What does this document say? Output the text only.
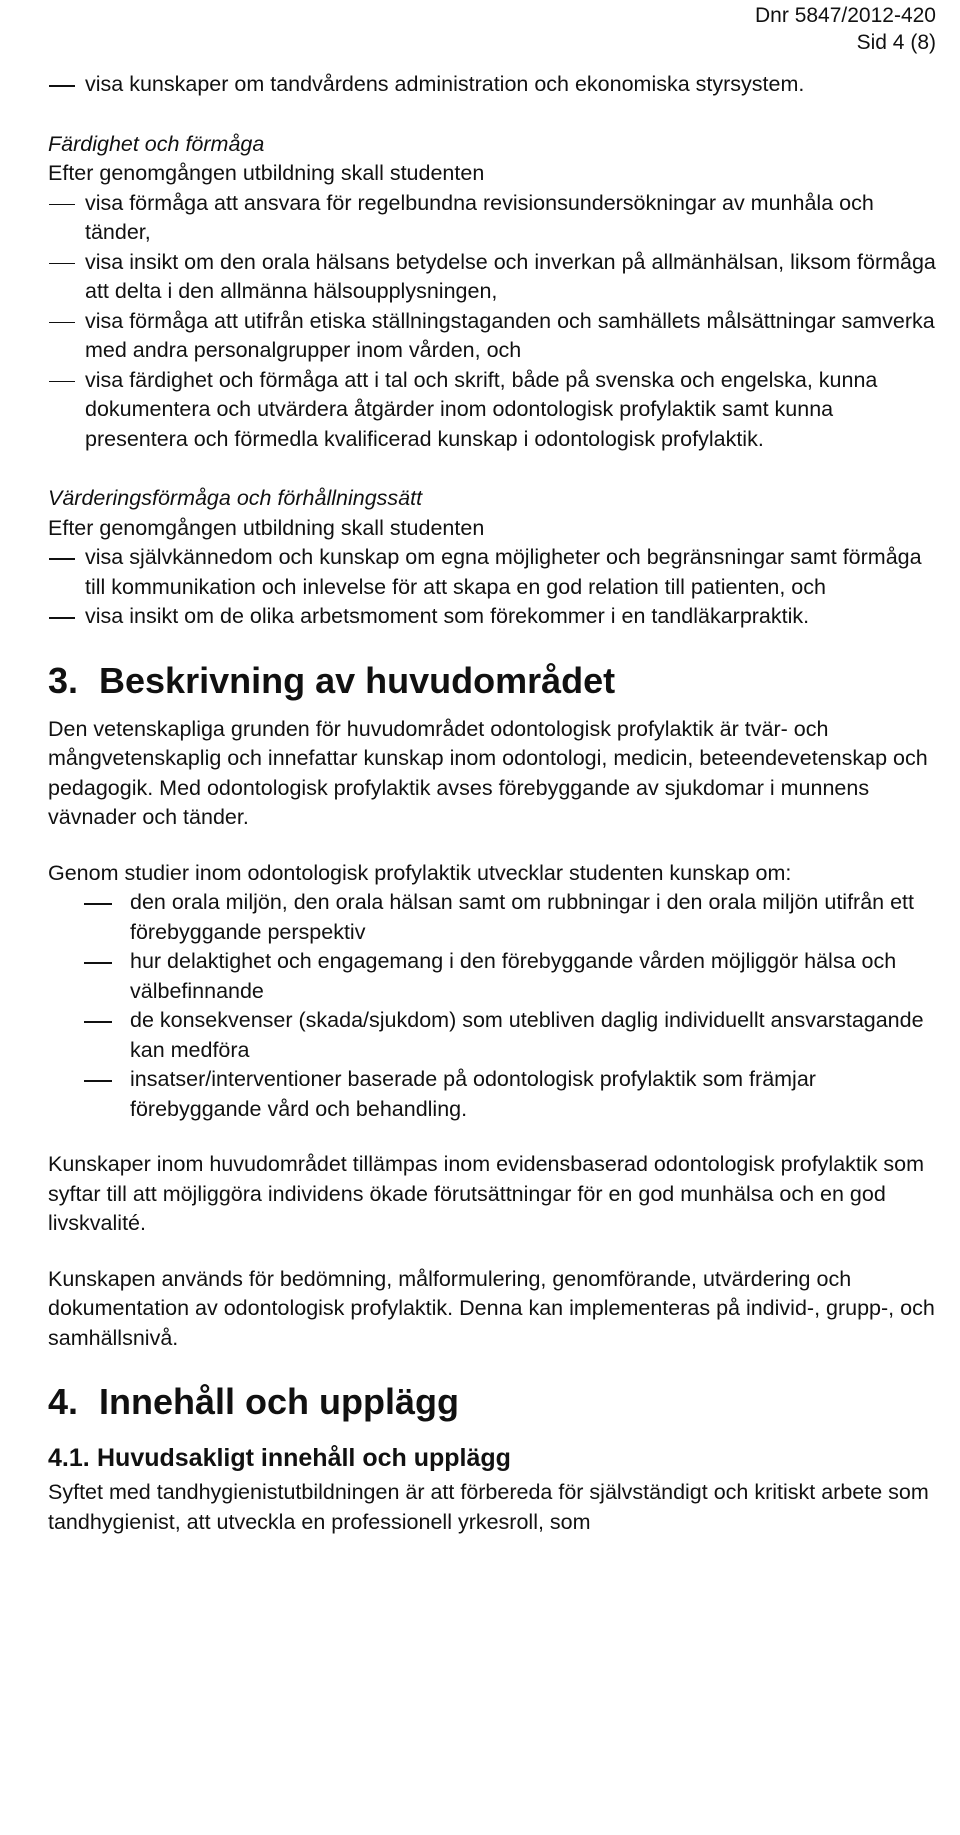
Dnr 5847/2012-420
Sid 4 (8)
visa kunskaper om tandvårdens administration och ekonomiska styrsystem.
Färdighet och förmåga
Efter genomgången utbildning skall studenten
visa förmåga att ansvara för regelbundna revisionsundersökningar av munhåla och tänder,
visa insikt om den orala hälsans betydelse och inverkan på allmänhälsan, liksom förmåga att delta i den allmänna hälsoupplysningen,
visa förmåga att utifrån etiska ställningstaganden och samhällets målsättningar samverka med andra personalgrupper inom vården, och
visa färdighet och förmåga att i tal och skrift, både på svenska och engelska, kunna dokumentera och utvärdera åtgärder inom odontologisk profylaktik samt kunna presentera och förmedla kvalificerad kunskap i odontologisk profylaktik.
Värderingsförmåga och förhållningssätt
Efter genomgången utbildning skall studenten
visa självkännedom och kunskap om egna möjligheter och begränsningar samt förmåga till kommunikation och inlevelse för att skapa en god relation till patienten, och
visa insikt om de olika arbetsmoment som förekommer i en tandläkarpraktik.
3. Beskrivning av huvudområdet

Den vetenskapliga grunden för huvudområdet odontologisk profylaktik är tvär- och mångvetenskaplig och innefattar kunskap inom odontologi, medicin, beteendevetenskap och pedagogik. Med odontologisk profylaktik avses förebyggande av sjukdomar i munnens vävnader och tänder.

Genom studier inom odontologisk profylaktik utvecklar studenten kunskap om:

den orala miljön, den orala hälsan samt om rubbningar i den orala miljön utifrån ett förebyggande perspektiv
hur delaktighet och engagemang i den förebyggande vården möjliggör hälsa och välbefinnande
de konsekvenser (skada/sjukdom) som utebliven daglig individuellt ansvarstagande kan medföra
insatser/interventioner baserade på odontologisk profylaktik som främjar förebyggande vård och behandling.

Kunskaper inom huvudområdet tillämpas inom evidensbaserad odontologisk profylaktik som syftar till att möjliggöra individens ökade förutsättningar för en god munhälsa och en god livskvalité.

Kunskapen används för bedömning, målformulering, genomförande, utvärdering och dokumentation av odontologisk profylaktik. Denna kan implementeras på individ-, grupp-, och samhällsnivå.

4. Innehåll och upplägg
4.1. Huvudsakligt innehåll och upplägg

Syftet med tandhygienistutbildningen är att förbereda för självständigt och kritiskt arbete som tandhygienist, att utveckla en professionell yrkesroll, som
